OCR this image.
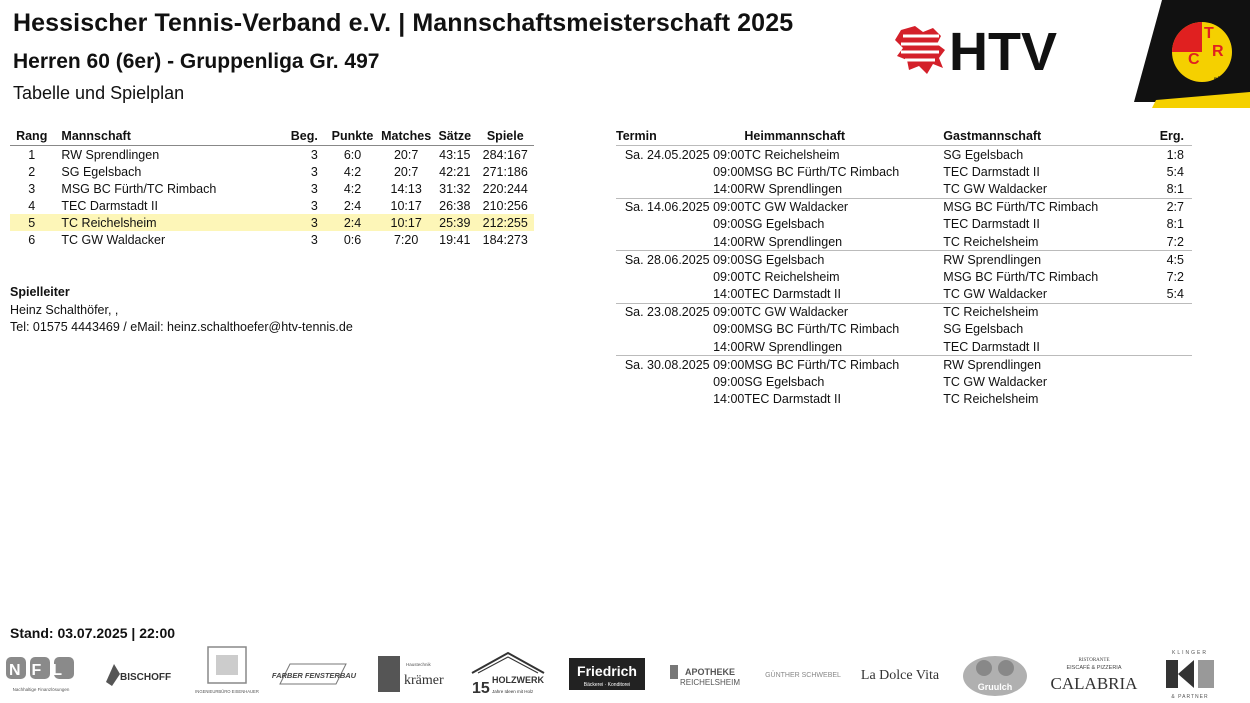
Hessischer Tennis-Verband e.V. | Mannschaftsmeisterschaft 2025
Herren 60 (6er) - Gruppenliga Gr. 497
Tabelle und Spielplan
HTV	T
C R
e.V.
Rang	Mannschaft	Beg.	Punkte	Matches	Sätze	Spiele
1	RW Sprendlingen	3	6:0	20:7	43:15	284:167
2	SG Egelsbach	3	4:2	20:7	42:21	271:186
3	MSG BC Fürth/TC Rimbach	3	4:2	14:13	31:32	220:244
4	TEC Darmstadt II	3	2:4	10:17	26:38	210:256
5	TC Reichelsheim	3	2:4	10:17	25:39	212:255
6	TC GW Waldacker	3	0:6	7:20	19:41	184:273
Spielleiter
Heinz Schalthöfer, ,
Tel: 01575 4443469 / eMail: heinz.schalthoefer@htv-tennis.de
Termin	Heimmannschaft	Gastmannschaft	Erg.
Sa. 24.05.2025 09:00	TC Reichelsheim	SG Egelsbach	1:8
09:00	MSG BC Fürth/TC Rimbach	TEC Darmstadt II	5:4
14:00	RW Sprendlingen	TC GW Waldacker	8:1
Sa. 14.06.2025 09:00	TC GW Waldacker	MSG BC Fürth/TC Rimbach	2:7
09:00	SG Egelsbach	TEC Darmstadt II	8:1
14:00	RW Sprendlingen	TC Reichelsheim	7:2
Sa. 28.06.2025 09:00	SG Egelsbach	RW Sprendlingen	4:5
09:00	TC Reichelsheim	MSG BC Fürth/TC Rimbach	7:2
14:00	TEC Darmstadt II	TC GW Waldacker	5:4
Sa. 23.08.2025 09:00	TC GW Waldacker	TC Reichelsheim	
09:00	MSG BC Fürth/TC Rimbach	SG Egelsbach	
14:00	RW Sprendlingen	TEC Darmstadt II	
Sa. 30.08.2025 09:00	MSG BC Fürth/TC Rimbach	RW Sprendlingen	
09:00	SG Egelsbach	TC GW Waldacker	
14:00	TEC Darmstadt II	TC Reichelsheim	
Stand: 03.07.2025 | 22:00
NFL
Nachhaltige Finanzlösungen
BISCHOFF
INGENIEURBÜRO EISENHAUER
FARBER FENSTERBAU	krämer
Haustechnik
15 HOLZWERK
Jahre Ideen mit Holz
Friedrich
Bäckerei · Konditorei
APOTHEKE
REICHELSHEIM
GÜNTHER SCHWEBEL La Dolce Vita
Gruulch
RISTORANTE
EISCAFÉ & PIZZERIA
CALABRIA
KLINGER
& PARTNER
